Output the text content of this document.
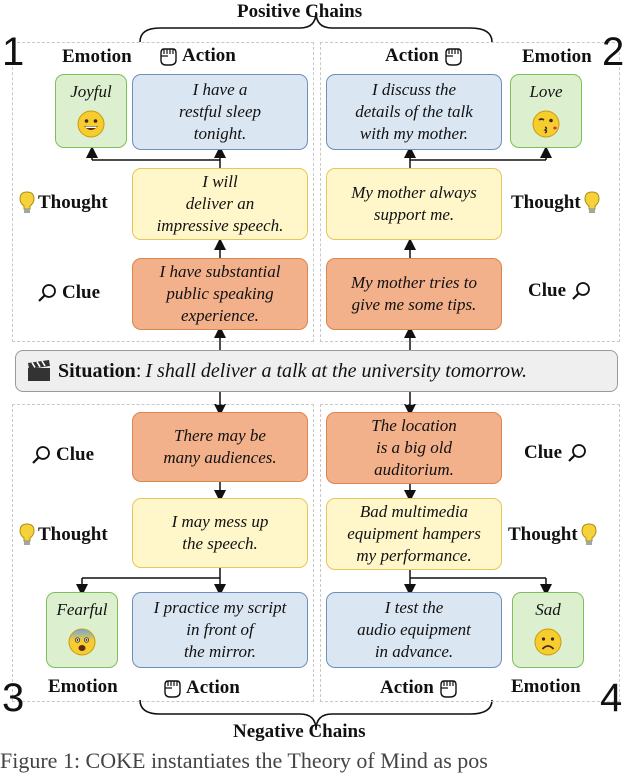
Positive Chains
Negative Chains
1	2
3	4
Emotion	Action
Joyful	I have a
restful sleep
tonight.
Thought
I will
deliver an
impressive speech.
Clue
I have substantial
public speaking
experience.
Action	Emotion
I discuss the
details of the talk
with my mother.
Love
Thought
My mother always
support me.
Clue
My mother tries to
give me some tips.
Situation : I shall deliver a talk at the university tomorrow.
Clue
There may be
many audiences.
Thought
I may mess up
the speech.
Fearful	I practice my script
in front of
the mirror.
Emotion	Action
The location
is a big old
auditorium.
Clue
Bad multimedia
equipment hampers
my performance.
Thought
I test the
audio equipment
in advance.
Sad
Action	Emotion
Figure 1: COKE instantiates the Theory of Mind as pos
